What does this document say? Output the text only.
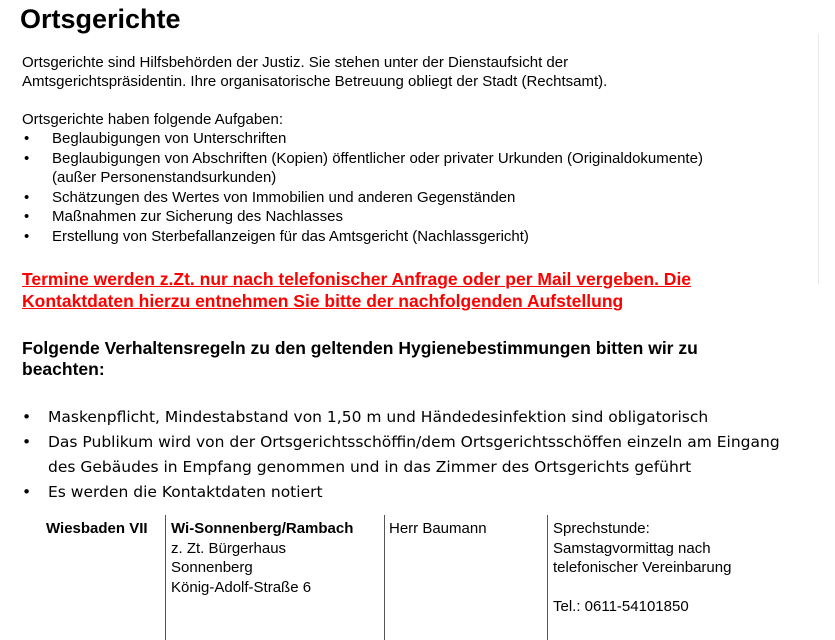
Ortsgerichte

Ortsgerichte sind Hilfsbehörden der Justiz. Sie stehen unter der Dienstaufsicht der
Amtsgerichtspräsidentin. Ihre organisatorische Betreuung obliegt der Stadt (Rechtsamt).

Ortsgerichte haben folgende Aufgaben:

• Beglaubigungen von Unterschriften
• Beglaubigungen von Abschriften (Kopien) öffentlicher oder privater Urkunden (Originaldokumente)
(außer Personenstandsurkunden)
• Schätzungen des Wertes von Immobilien und anderen Gegenständen
• Maßnahmen zur Sicherung des Nachlasses
• Erstellung von Sterbefallanzeigen für das Amtsgericht (Nachlassgericht)

Termine werden z.Zt. nur nach telefonischer Anfrage oder per Mail vergeben. Die
Kontaktdaten hierzu entnehmen Sie bitte der nachfolgenden Aufstellung

Folgende Verhaltensregeln zu den geltenden Hygienebestimmungen bitten wir zu
beachten:

• Maskenpflicht, Mindestabstand von 1,50 m und Händedesinfektion sind obligatorisch
• Das Publikum wird von der Ortsgerichtsschöffin/dem Ortsgerichtsschöffen einzeln am Eingang
des Gebäudes in Empfang genommen und in das Zimmer des Ortsgerichts geführt
• Es werden die Kontaktdaten notiert
Wiesbaden VII	Wi-Sonnenberg/Rambach
z. Zt. Bürgerhaus
Sonnenberg
König-Adolf-Straße 6
Herr Baumann	Sprechstunde:
Samstagvormittag nach
telefonischer Vereinbarung
Tel.: 0611-54101850
